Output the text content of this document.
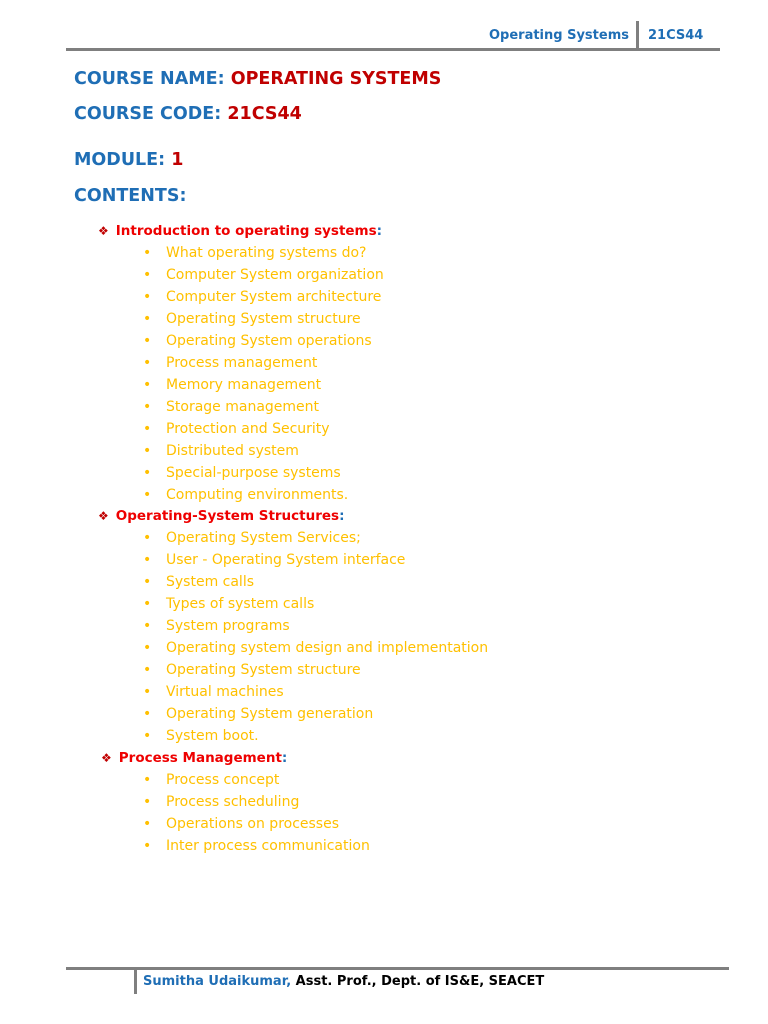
Operating Systems 21CS44
COURSE NAME: OPERATING SYSTEMS
COURSE CODE: 21CS44
MODULE: 1
CONTENTS:
❖ Introduction to operating systems:
• What operating systems do?
• Computer System organization
• Computer System architecture
• Operating System structure
• Operating System operations
• Process management
• Memory management
• Storage management
• Protection and Security
• Distributed system
• Special-purpose systems
• Computing environments.
❖ Operating-System Structures:
• Operating System Services;
• User - Operating System interface
• System calls
• Types of system calls
• System programs
• Operating system design and implementation
• Operating System structure
• Virtual machines
• Operating System generation
• System boot.
❖ Process Management:
• Process concept
• Process scheduling
• Operations on processes
• Inter process communication
Sumitha Udaikumar, Asst. Prof., Dept. of IS&E, SEACET
